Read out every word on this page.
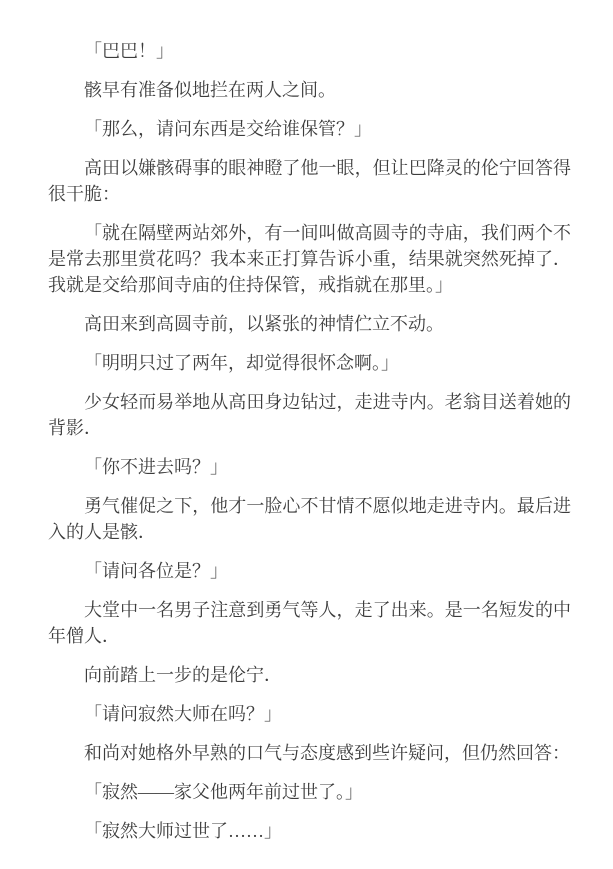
「巴巴！」

骸早有准备似地拦在两人之间。

「那么，请问东西是交给谁保管？」

高田以嫌骸碍事的眼神瞪了他一眼，但让巴降灵的伦宁回答得很干脆：

「就在隔壁两站郊外，有一间叫做高圆寺的寺庙，我们两个不是常去那里赏花吗？我本来正打算告诉小重，结果就突然死掉了．我就是交给那间寺庙的住持保管，戒指就在那里。」

高田来到高圆寺前，以紧张的神情伫立不动。

「明明只过了两年，却觉得很怀念啊。」

少女轻而易举地从高田身边钻过，走进寺内。老翁目送着她的背影．

「你不进去吗？」

勇气催促之下，他才一脸心不甘情不愿似地走进寺内。最后进入的人是骸．

「请问各位是？」

大堂中一名男子注意到勇气等人，走了出来。是一名短发的中年僧人．

向前踏上一步的是伦宁．

「请问寂然大师在吗？」

和尚对她格外早熟的口气与态度感到些许疑问，但仍然回答：

「寂然——家父他两年前过世了。」

「寂然大师过世了……」
